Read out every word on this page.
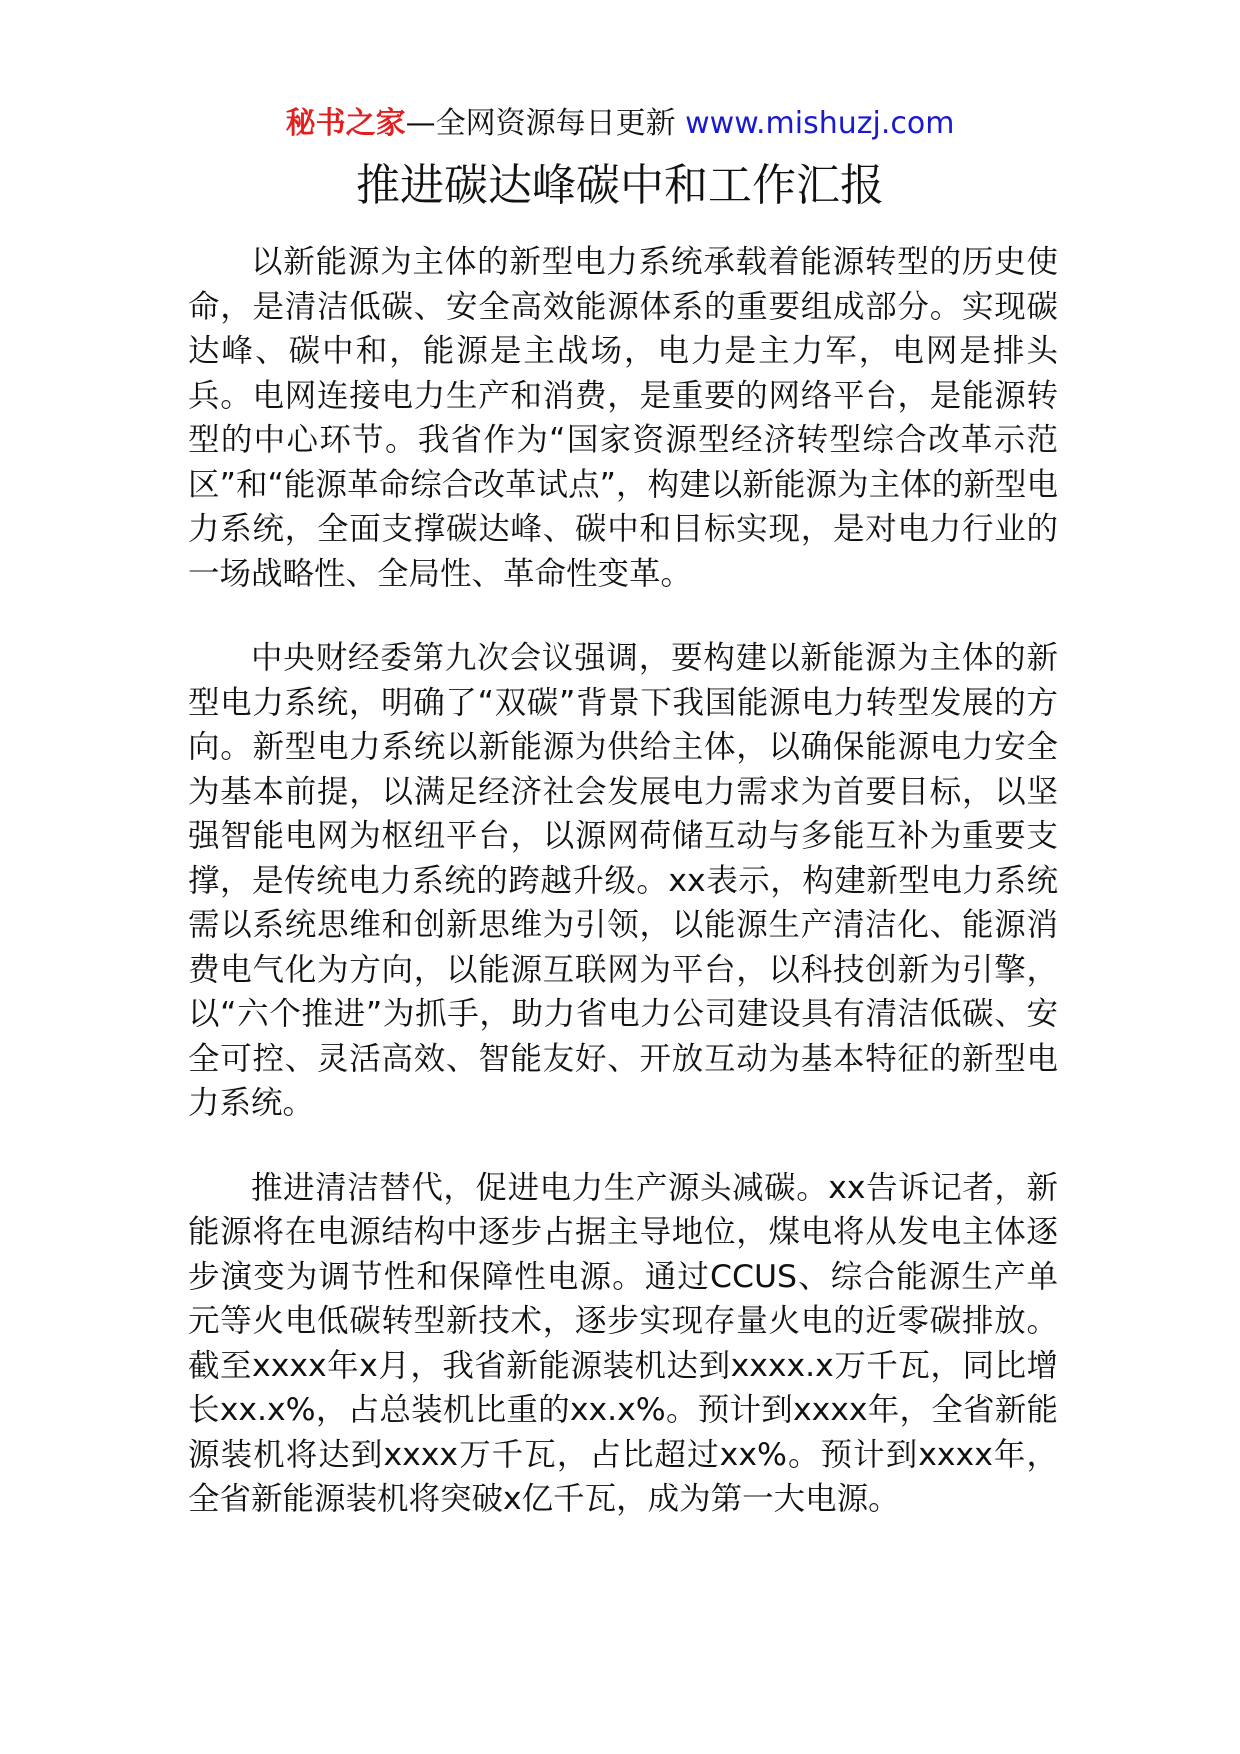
秘书之家—全网资源每日更新 www.mishuzj.com
推进碳达峰碳中和工作汇报

以新能源为主体的新型电力系统承载着能源转型的历史使命，是清洁低碳、安全高效能源体系的重要组成部分。实现碳达峰、碳中和，能源是主战场，电力是主力军，电网是排头兵。电网连接电力生产和消费，是重要的网络平台，是能源转型的中心环节。我省作为“国家资源型经济转型综合改革示范区”和“能源革命综合改革试点”，构建以新能源为主体的新型电力系统，全面支撑碳达峰、碳中和目标实现，是对电力行业的一场战略性、全局性、革命性变革。

中央财经委第九次会议强调，要构建以新能源为主体的新型电力系统，明确了“双碳”背景下我国能源电力转型发展的方向。新型电力系统以新能源为供给主体，以确保能源电力安全为基本前提，以满足经济社会发展电力需求为首要目标，以坚强智能电网为枢纽平台，以源网荷储互动与多能互补为重要支撑，是传统电力系统的跨越升级。xx表示，构建新型电力系统需以系统思维和创新思维为引领，以能源生产清洁化、能源消费电气化为方向，以能源互联网为平台，以科技创新为引擎，以“六个推进”为抓手，助力省电力公司建设具有清洁低碳、安全可控、灵活高效、智能友好、开放互动为基本特征的新型电力系统。

推进清洁替代，促进电力生产源头减碳。xx告诉记者，新能源将在电源结构中逐步占据主导地位，煤电将从发电主体逐步演变为调节性和保障性电源。通过CCUS、综合能源生产单元等火电低碳转型新技术，逐步实现存量火电的近零碳排放。截至xxxx年x月，我省新能源装机达到xxxx.x万千瓦，同比增长xx.x%，占总装机比重的xx.x%。预计到xxxx年，全省新能源装机将达到xxxx万千瓦，占比超过xx%。预计到xxxx年，全省新能源装机将突破x亿千瓦，成为第一大电源。
